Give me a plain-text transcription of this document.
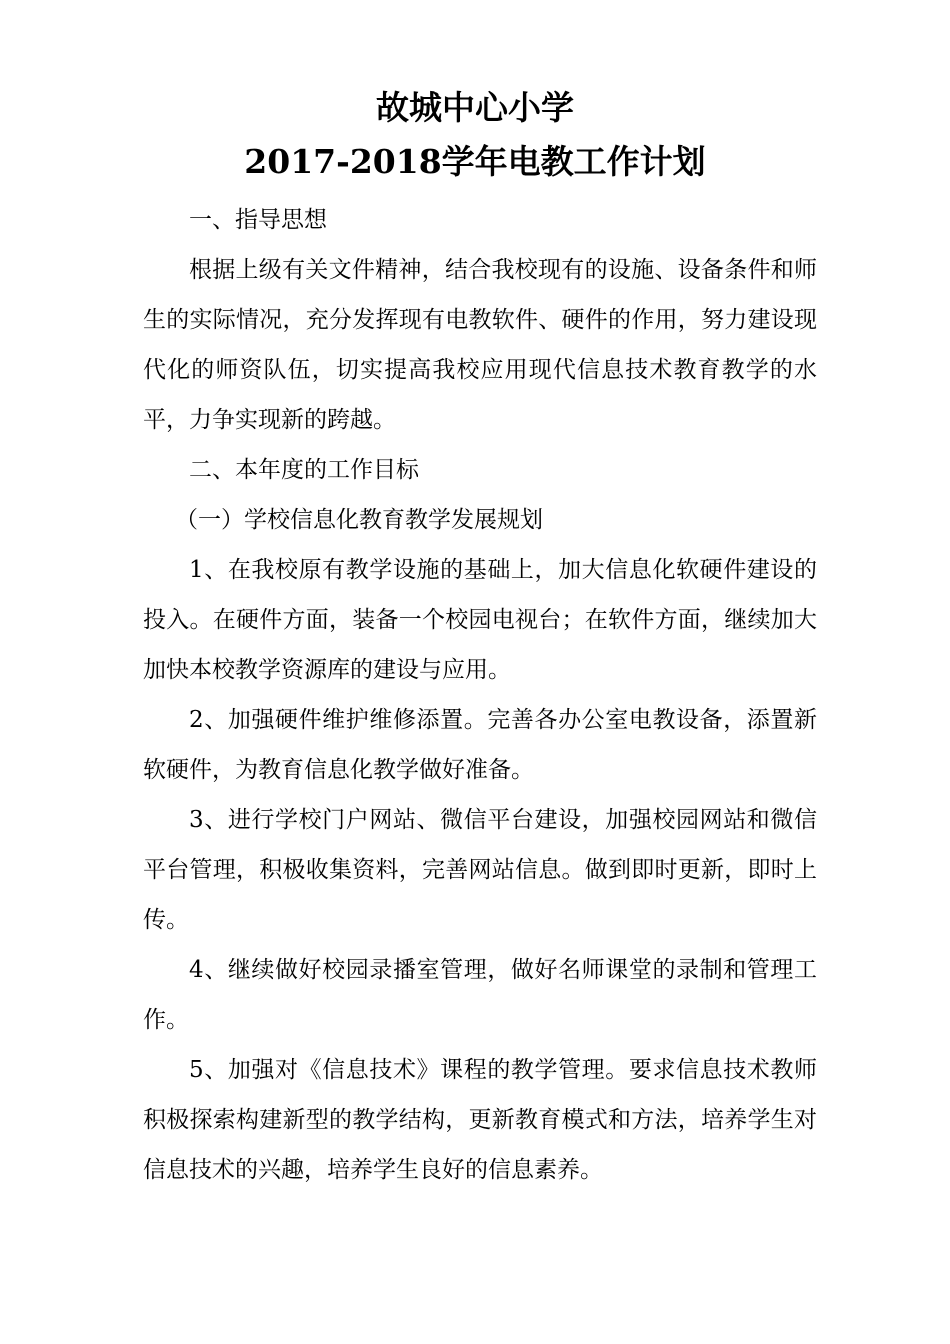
故城中心小学
2017-2018学年电教工作计划

一、指导思想

根据上级有关文件精神，结合我校现有的设施、设备条件和师生的实际情况，充分发挥现有电教软件、硬件的作用，努力建设现代化的师资队伍，切实提高我校应用现代信息技术教育教学的水平，力争实现新的跨越。

二、本年度的工作目标

（一）学校信息化教育教学发展规划

1、在我校原有教学设施的基础上，加大信息化软硬件建设的投入。在硬件方面，装备一个校园电视台；在软件方面，继续加大加快本校教学资源库的建设与应用。

2、加强硬件维护维修添置。完善各办公室电教设备，添置新软硬件，为教育信息化教学做好准备。

3、进行学校门户网站、微信平台建设，加强校园网站和微信平台管理，积极收集资料，完善网站信息。做到即时更新，即时上传。

4、继续做好校园录播室管理，做好名师课堂的录制和管理工作。

5、加强对《信息技术》课程的教学管理。要求信息技术教师积极探索构建新型的教学结构，更新教育模式和方法，培养学生对信息技术的兴趣，培养学生良好的信息素养。
